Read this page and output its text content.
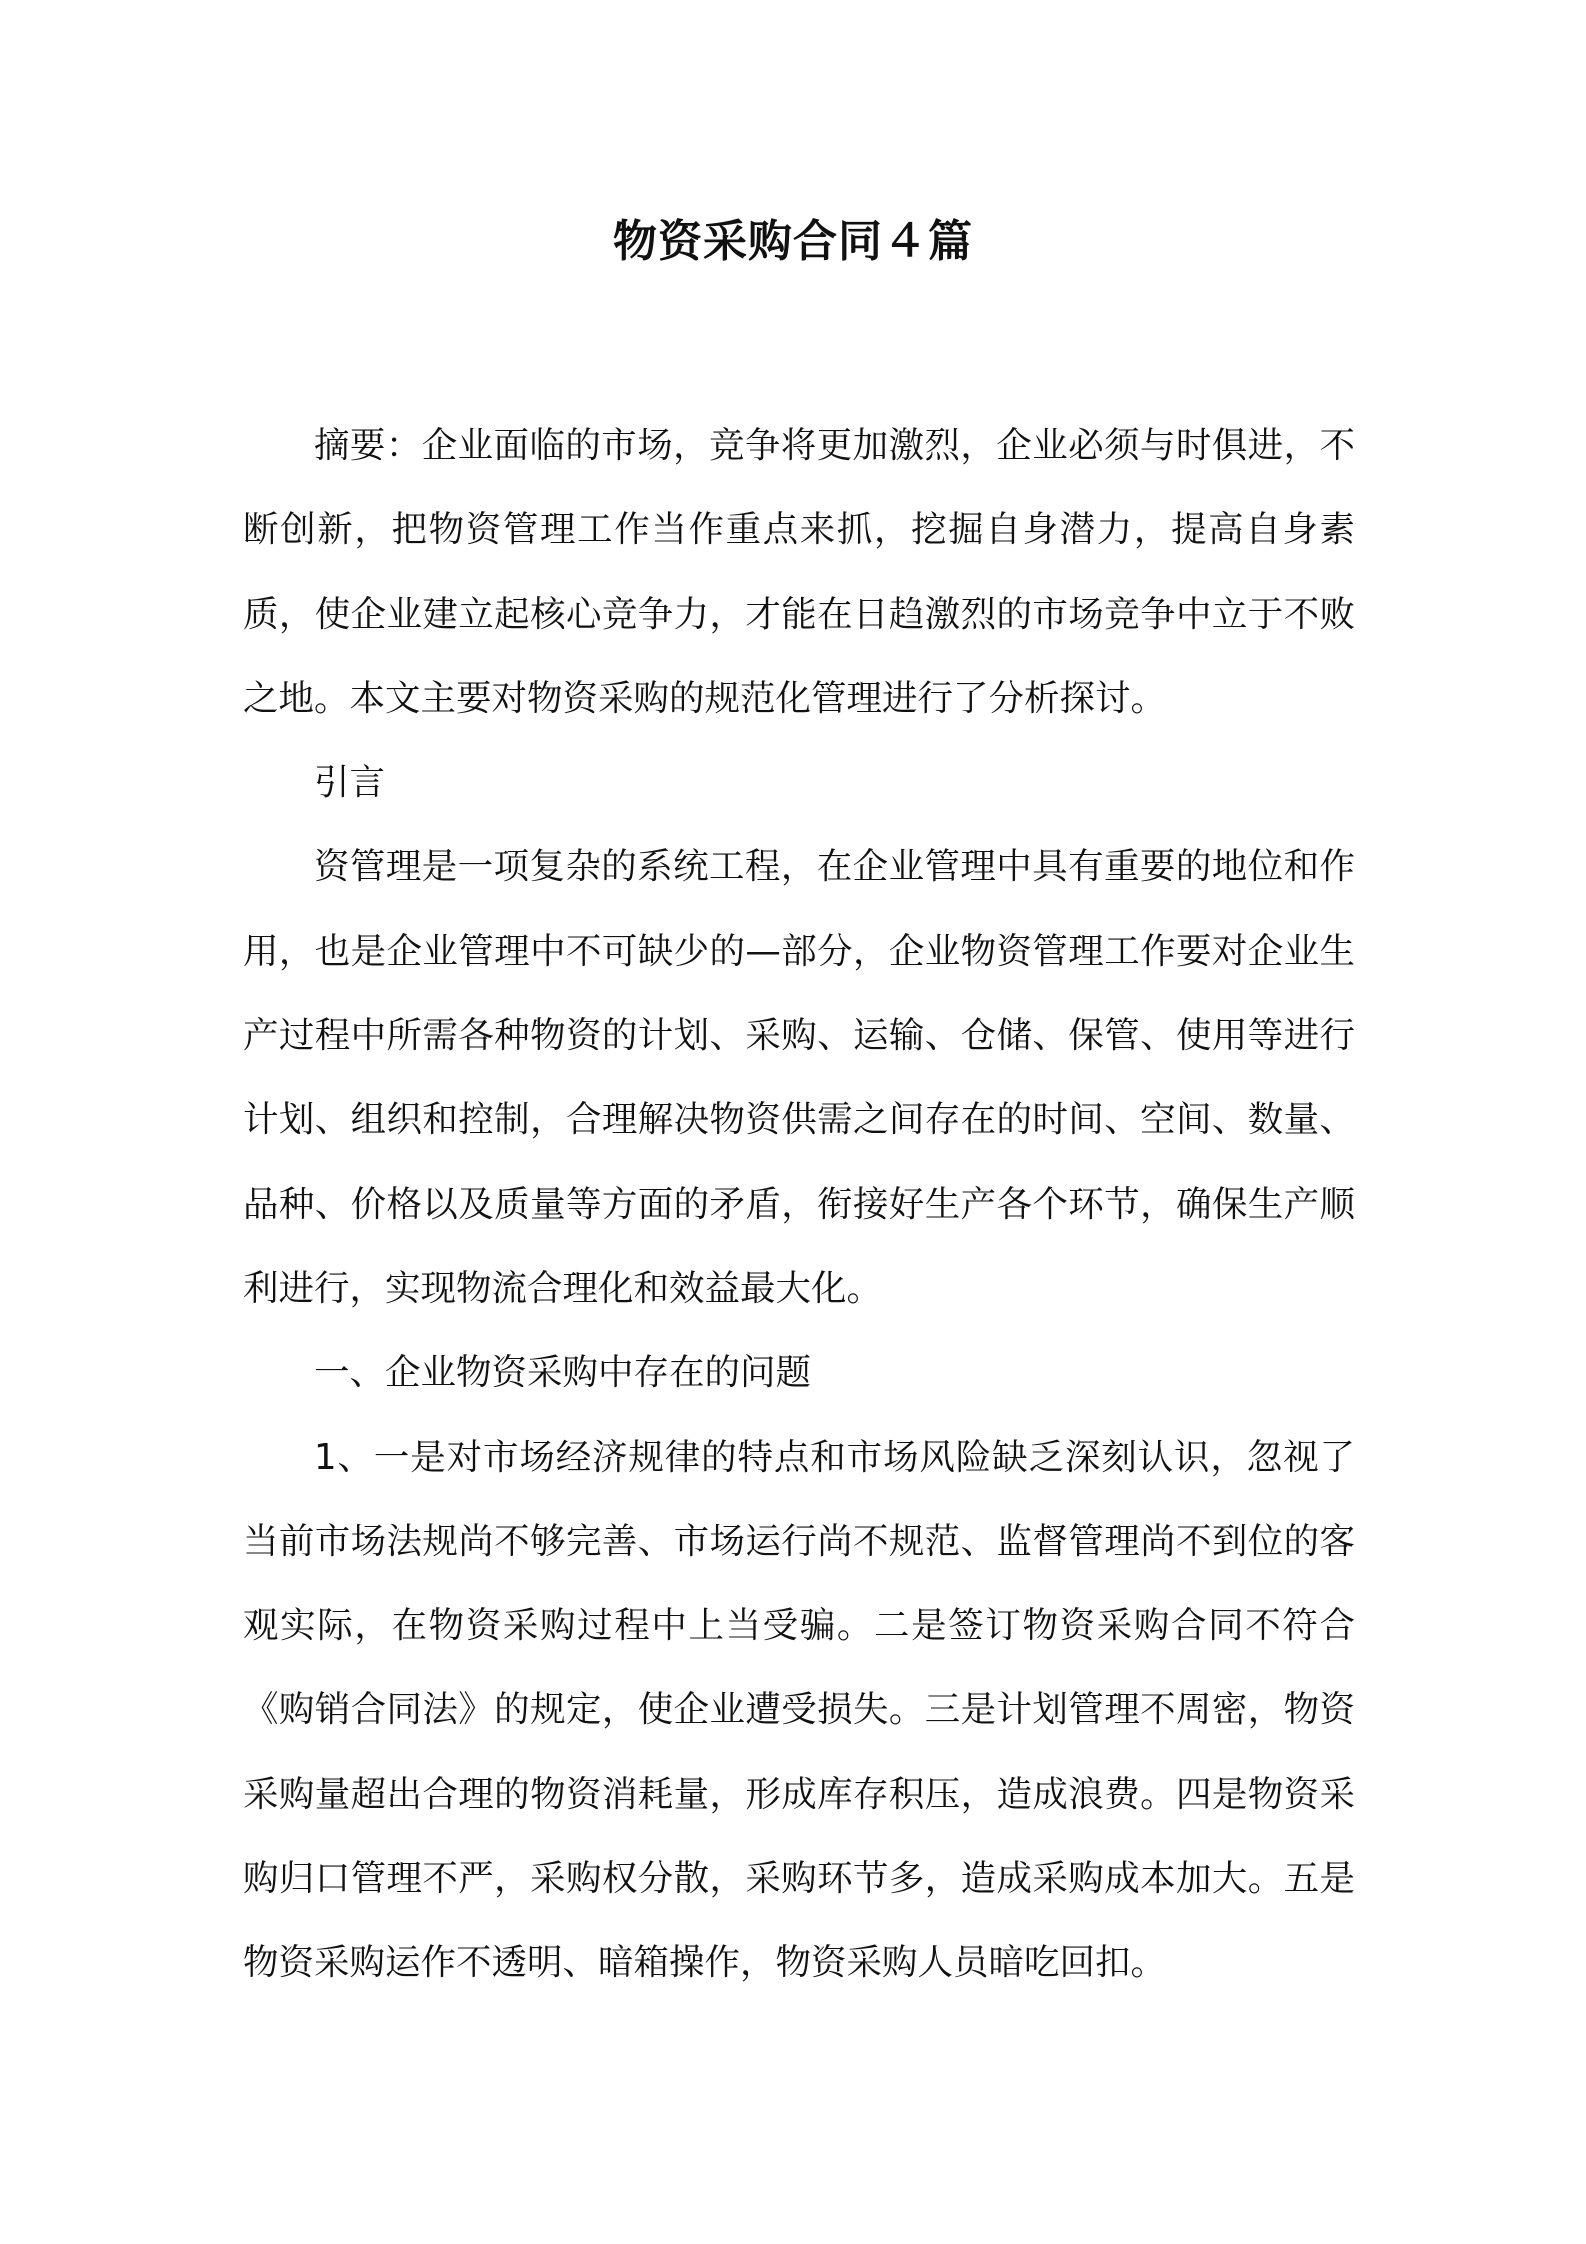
物资采购合同４篇

摘要：企业面临的市场，竞争将更加激烈，企业必须与时俱进，不断创新，把物资管理工作当作重点来抓，挖掘自身潜力，提高自身素质，使企业建立起核心竞争力，才能在日趋激烈的市场竞争中立于不败之地。本文主要对物资采购的规范化管理进行了分析探讨。

引言

资管理是一项复杂的系统工程，在企业管理中具有重要的地位和作用，也是企业管理中不可缺少的—部分，企业物资管理工作要对企业生产过程中所需各种物资的计划、采购、运输、仓储、保管、使用等进行计划、组织和控制，合理解决物资供需之间存在的时间、空间、数量、品种、价格以及质量等方面的矛盾，衔接好生产各个环节，确保生产顺利进行，实现物流合理化和效益最大化。

一、企业物资采购中存在的问题

1、一是对市场经济规律的特点和市场风险缺乏深刻认识，忽视了当前市场法规尚不够完善、市场运行尚不规范、监督管理尚不到位的客观实际，在物资采购过程中上当受骗。二是签订物资采购合同不符合《购销合同法》的规定，使企业遭受损失。三是计划管理不周密，物资采购量超出合理的物资消耗量，形成库存积压，造成浪费。四是物资采购归口管理不严，采购权分散，采购环节多，造成采购成本加大。五是物资采购运作不透明、暗箱操作，物资采购人员暗吃回扣。
